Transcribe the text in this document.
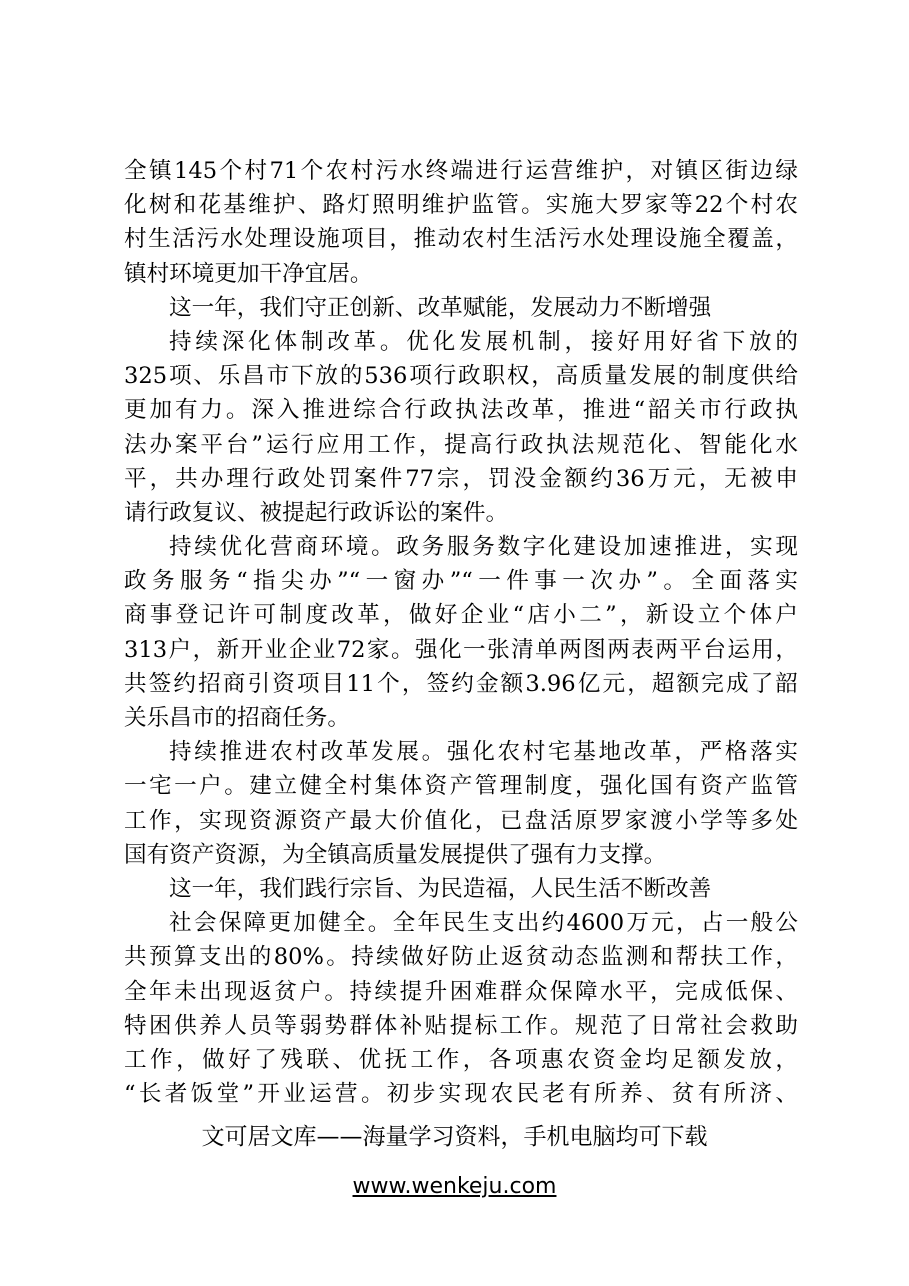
全镇145个村71个农村污水终端进行运营维护，对镇区街边绿
化树和花基维护、路灯照明维护监管。实施大罗家等22个村农
村生活污水处理设施项目，推动农村生活污水处理设施全覆盖，
镇村环境更加干净宜居。
这一年，我们守正创新、改革赋能，发展动力不断增强
持续深化体制改革。优化发展机制，接好用好省下放的
325项、乐昌市下放的536项行政职权，高质量发展的制度供给
更加有力。深入推进综合行政执法改革，推进“韶关市行政执
法办案平台”运行应用工作，提高行政执法规范化、智能化水
平，共办理行政处罚案件77宗，罚没金额约36万元，无被申
请行政复议、被提起行政诉讼的案件。
持续优化营商环境。政务服务数字化建设加速推进，实现
政务服务“指尖办”“一窗办”“一件事一次办”。全面落实
商事登记许可制度改革，做好企业“店小二”，新设立个体户
313户，新开业企业72家。强化一张清单两图两表两平台运用，
共签约招商引资项目11个，签约金额3.96亿元，超额完成了韶
关乐昌市的招商任务。
持续推进农村改革发展。强化农村宅基地改革，严格落实
一宅一户。建立健全村集体资产管理制度，强化国有资产监管
工作，实现资源资产最大价值化，已盘活原罗家渡小学等多处
国有资产资源，为全镇高质量发展提供了强有力支撑。
这一年，我们践行宗旨、为民造福，人民生活不断改善
社会保障更加健全。全年民生支出约4600万元，占一般公
共预算支出的80%。持续做好防止返贫动态监测和帮扶工作，
全年未出现返贫户。持续提升困难群众保障水平，完成低保、
特困供养人员等弱势群体补贴提标工作。规范了日常社会救助
工作，做好了残联、优抚工作，各项惠农资金均足额发放，
“长者饭堂”开业运营。初步实现农民老有所养、贫有所济、
文可居文库——海量学习资料，手机电脑均可下载
www.wenkeju.com
